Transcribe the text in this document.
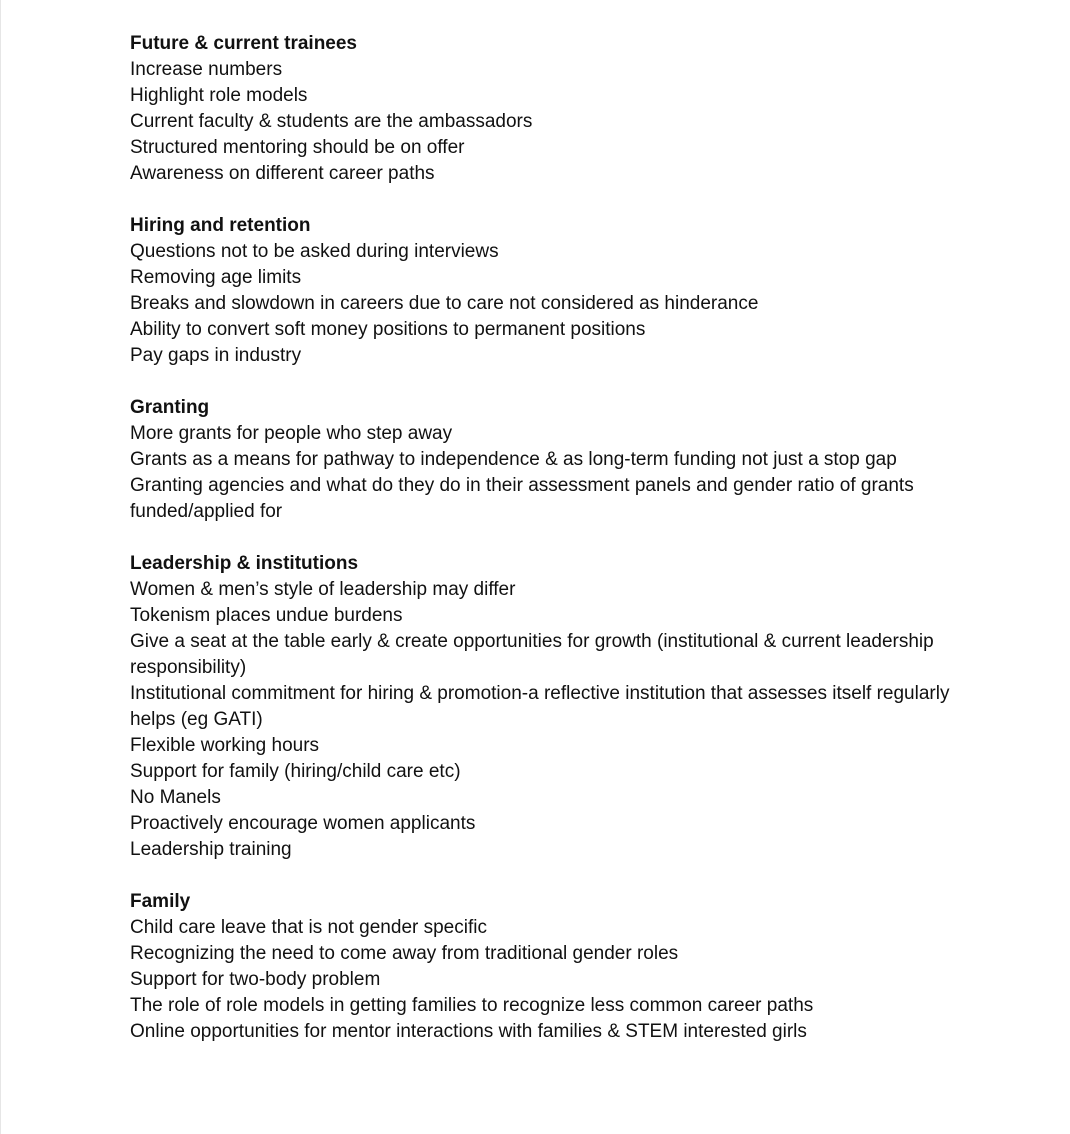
Future & current trainees
Increase numbers
Highlight role models
Current faculty & students are the ambassadors
Structured mentoring should be on offer
Awareness on different career paths
Hiring and retention
Questions not to be asked during interviews
Removing age limits
Breaks and slowdown in careers due to care not considered as hinderance
Ability to convert soft money positions to permanent positions
Pay gaps in industry
Granting
More grants for people who step away
Grants as a means for pathway to independence & as long-term funding not just a stop gap
Granting agencies and what do they do in their assessment panels and gender ratio of grants funded/applied for
Leadership & institutions
Women & men’s style of leadership may differ
Tokenism places undue burdens
Give a seat at the table early & create opportunities for growth (institutional & current leadership responsibility)
Institutional commitment for hiring & promotion-a reflective institution that assesses itself regularly helps (eg GATI)
Flexible working hours
Support for family (hiring/child care etc)
No Manels
Proactively encourage women applicants
Leadership training
Family
Child care leave that is not gender specific
Recognizing the need to come away from traditional gender roles
Support for two-body problem
The role of role models in getting families to recognize less common career paths
Online opportunities for mentor interactions with families & STEM interested girls
